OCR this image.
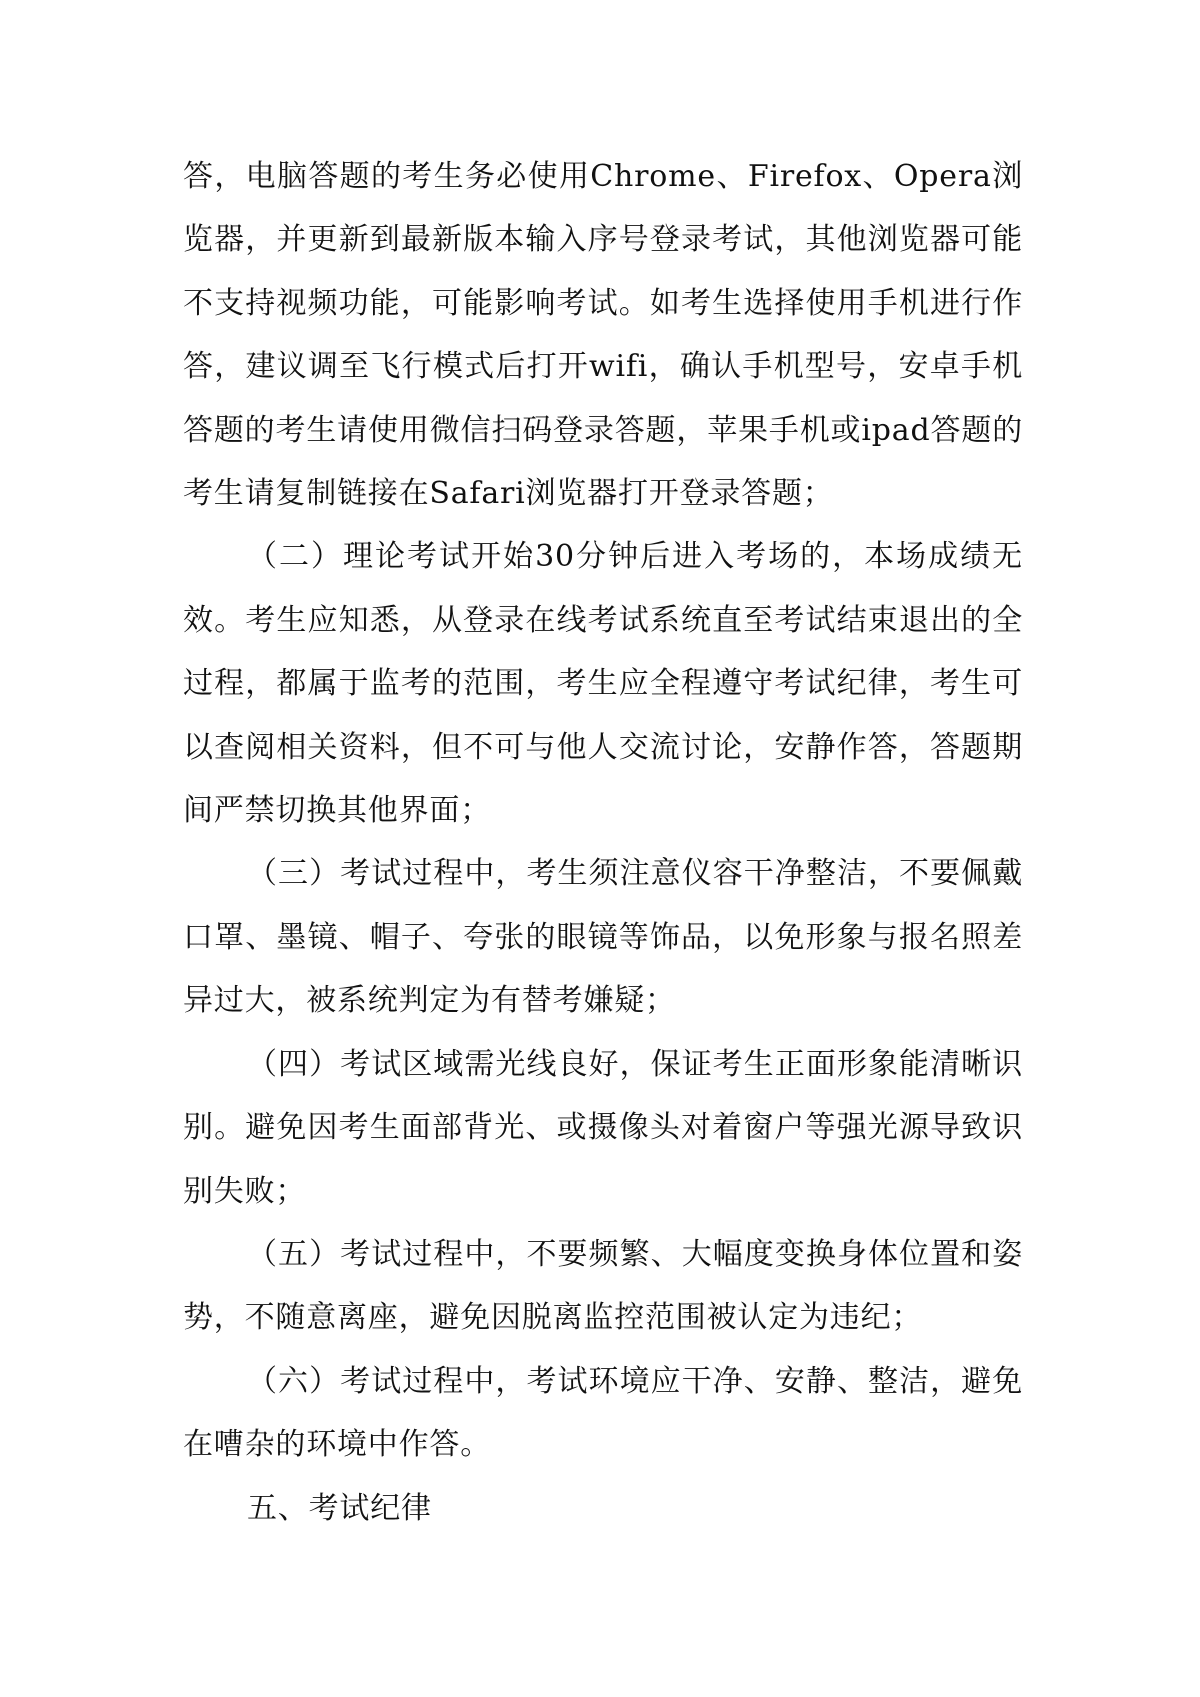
答，电脑答题的考生务必使用Chrome、Firefox、Opera浏览器，并更新到最新版本输入序号登录考试，其他浏览器可能不支持视频功能，可能影响考试。如考生选择使用手机进行作答，建议调至飞行模式后打开wifi，确认手机型号，安卓手机答题的考生请使用微信扫码登录答题，苹果手机或ipad答题的考生请复制链接在Safari浏览器打开登录答题；

（二）理论考试开始30分钟后进入考场的，本场成绩无效。考生应知悉，从登录在线考试系统直至考试结束退出的全过程，都属于监考的范围，考生应全程遵守考试纪律，考生可以查阅相关资料，但不可与他人交流讨论，安静作答，答题期间严禁切换其他界面；

（三）考试过程中，考生须注意仪容干净整洁，不要佩戴口罩、墨镜、帽子、夸张的眼镜等饰品，以免形象与报名照差异过大，被系统判定为有替考嫌疑；

（四）考试区域需光线良好，保证考生正面形象能清晰识别。避免因考生面部背光、或摄像头对着窗户等强光源导致识别失败；

（五）考试过程中，不要频繁、大幅度变换身体位置和姿势，不随意离座，避免因脱离监控范围被认定为违纪；

（六）考试过程中，考试环境应干净、安静、整洁，避免在嘈杂的环境中作答。

五、考试纪律
